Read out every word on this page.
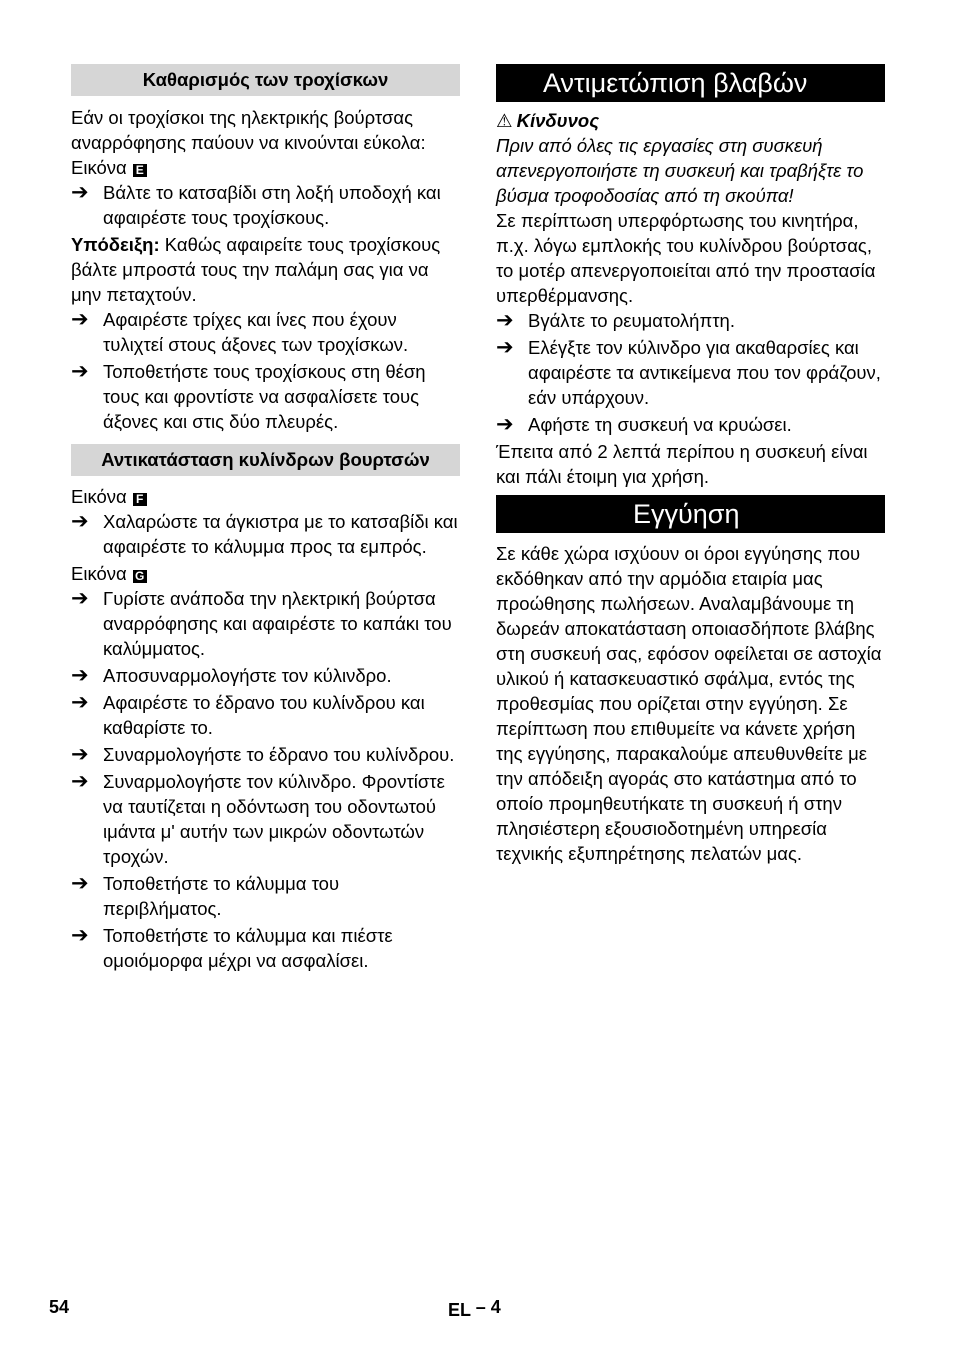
Καθαρισμός των τροχίσκων

Εάν οι τροχίσκοι της ηλεκτρικής βούρτσας αναρρόφησης παύουν να κινούνται εύκολα:

Εικόνα E

➔ Βάλτε το κατσαβίδι στη λοξή υποδοχή και αφαιρέστε τους τροχίσκους.

Υπόδειξη: Καθώς αφαιρείτε τους τροχίσκους βάλτε μπροστά τους την παλάμη σας για να μην πεταχτούν.

➔ Αφαιρέστε τρίχες και ίνες που έχουν τυλιχτεί στους άξονες των τροχίσκων.
➔ Τοποθετήστε τους τροχίσκους στη θέση τους και φροντίστε να ασφαλίσετε τους άξονες και στις δύο πλευρές.
Αντικατάσταση κυλίνδρων βουρτσών

Εικόνα F

➔ Χαλαρώστε τα άγκιστρα με το κατσαβίδι και αφαιρέστε το κάλυμμα προς τα εμπρός.

Εικόνα G

➔ Γυρίστε ανάποδα την ηλεκτρική βούρτσα αναρρόφησης και αφαιρέστε το καπάκι του καλύμματος.
➔ Αποσυναρμολογήστε τον κύλινδρο.
➔ Αφαιρέστε το έδρανο του κυλίνδρου και καθαρίστε το.
➔ Συναρμολογήστε το έδρανο του κυλίνδρου.
➔ Συναρμολογήστε τον κύλινδρο. Φροντίστε να ταυτίζεται η οδόντωση του οδοντωτού ιμάντα μ' αυτήν των μικρών οδοντωτών τροχών.
➔ Τοποθετήστε το κάλυμμα του περιβλήματος.
➔ Τοποθετήστε το κάλυμμα και πιέστε ομοιόμορφα μέχρι να ασφαλίσει.
Αντιμετώπιση βλαβών

⚠ Κίνδυνος

Πριν από όλες τις εργασίες στη συσκευή απενεργοποιήστε τη συσκευή και τραβήξτε το βύσμα τροφοδοσίας από τη σκούπα!

Σε περίπτωση υπερφόρτωσης του κινητήρα, π.χ. λόγω εμπλοκής του κυλίνδρου βούρτσας, το μοτέρ απενεργοποιείται από την προστασία υπερθέρμανσης.

➔ Βγάλτε το ρευματολήπτη.
➔ Ελέγξτε τον κύλινδρο για ακαθαρσίες και αφαιρέστε τα αντικείμενα που τον φράζουν, εάν υπάρχουν.
➔ Αφήστε τη συσκευή να κρυώσει.

Έπειτα από 2 λεπτά περίπου η συσκευή είναι και πάλι έτοιμη για χρήση.

Εγγύηση

Σε κάθε χώρα ισχύουν οι όροι εγγύησης που εκδόθηκαν από την αρμόδια εταιρία μας προώθησης πωλήσεων. Αναλαμβάνουμε τη δωρεάν αποκατάσταση οποιασδήποτε βλάβης στη συσκευή σας, εφόσον οφείλεται σε αστοχία υλικού ή κατασκευαστικό σφάλμα, εντός της προθεσμίας που ορίζεται στην εγγύηση. Σε περίπτωση που επιθυμείτε να κάνετε χρήση της εγγύησης, παρακαλούμε απευθυνθείτε με την απόδειξη αγοράς στο κατάστημα από το οποίο προμηθευτήκατε τη συσκευή ή στην πλησιέστερη εξουσιοδοτημένη υπηρεσία τεχνικής εξυπηρέτησης πελατών μας.

54	EL – 4
